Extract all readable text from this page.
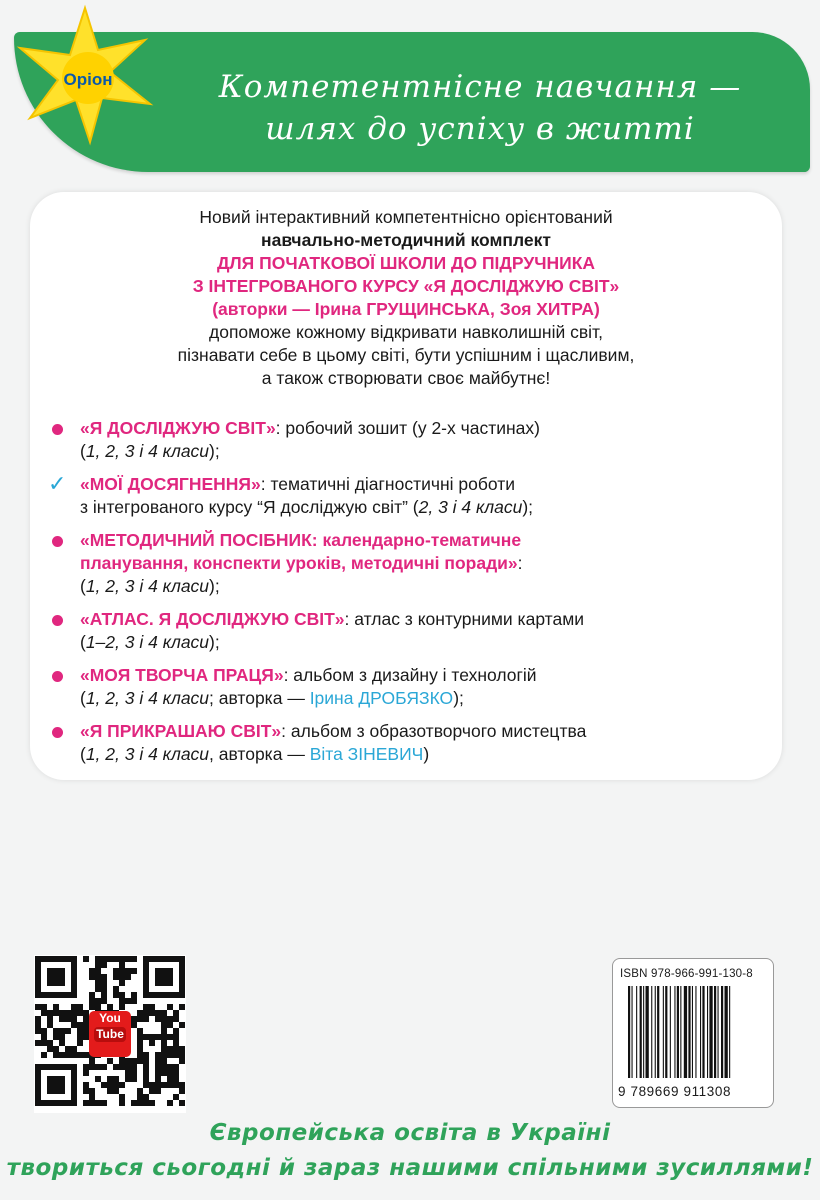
Оріон	Компетентнісне навчання —
шлях до успіху в житті
Новий інтерактивний компетентнісно орієнтований
навчально-методичний комплект
ДЛЯ ПОЧАТКОВОЇ ШКОЛИ ДО ПІДРУЧНИКА
З ІНТЕГРОВАНОГО КУРСУ «Я ДОСЛІДЖУЮ СВІТ»
(авторки — Ірина ГРУЩИНСЬКА, Зоя ХИТРА)
допоможе кожному відкривати навколишній світ,
пізнавати себе в цьому світі, бути успішним і щасливим,
а також створювати своє майбутнє!
«Я ДОСЛІДЖУЮ СВІТ»: робочий зошит (у 2-х частинах)
(1, 2, 3 і 4 класи);
✓ «МОЇ ДОСЯГНЕННЯ»: тематичні діагностичні роботи
з інтегрованого курсу “Я досліджую світ” (2, 3 і 4 класи);
«МЕТОДИЧНИЙ ПОСІБНИК: календарно-тематичне
планування, конспекти уроків, методичні поради»:
(1, 2, 3 і 4 класи);
«АТЛАС. Я ДОСЛІДЖУЮ СВІТ»: атлас з контурними картами
(1–2, 3 і 4 класи);
«МОЯ ТВОРЧА ПРАЦЯ»: альбом з дизайну і технологій
(1, 2, 3 і 4 класи; авторка — Ірина ДРОБЯЗКО);
«Я ПРИКРАШАЮ СВІТ»: альбом з образотворчого мистецтва
(1, 2, 3 і 4 класи, авторка — Віта ЗІНЕВИЧ)
You
Tube
ISBN 978-966-991-130-8
9 789669 911308
Європейська освіта в Україні
твориться сьогодні й зараз нашими спільними зусиллями!
